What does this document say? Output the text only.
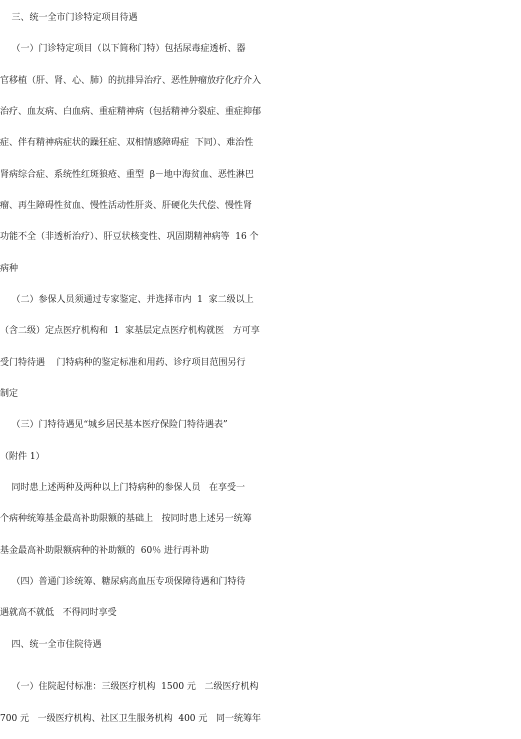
三、统一全市门诊特定项目待遇
（一）门诊特定项目（以下简称门特）包括尿毒症透析、器
官移植（肝、肾、心、肺）的抗排异治疗、恶性肿瘤放疗化疗介入
治疗、血友病、白血病、重症精神病（包括精神分裂症、重症抑郁
症、伴有精神病症状的躁狂症、双相情感障碍症  下同）、难治性
肾病综合症、系统性红斑狼疮、重型  β－地中海贫血、恶性淋巴
瘤、再生障碍性贫血、慢性活动性肝炎、肝硬化失代偿、慢性肾
功能不全（非透析治疗）、肝豆状核变性、巩固期精神病等  16 个
病种
（二）参保人员须通过专家鉴定、并选择市内  1  家二级以上
（含二级）定点医疗机构和  1  家基层定点医疗机构就医   方可享
受门特待遇    门特病种的鉴定标准和用药、诊疗项目范围另行
制定
（三）门特待遇见“城乡居民基本医疗保险门特待遇表”
（附件 1）
同时患上述两种及两种以上门特病种的参保人员   在享受一
个病种统筹基金最高补助限额的基础上   按同时患上述另一统筹
基金最高补助限额病种的补助额的  60％ 进行再补助
（四）普通门诊统筹、糖尿病高血压专项保障待遇和门特待
遇就高不就低   不得同时享受
四、统一全市住院待遇
（一）住院起付标准：三级医疗机构  1500 元   二级医疗机构
700 元   一级医疗机构、社区卫生服务机构  400 元   同一统筹年
